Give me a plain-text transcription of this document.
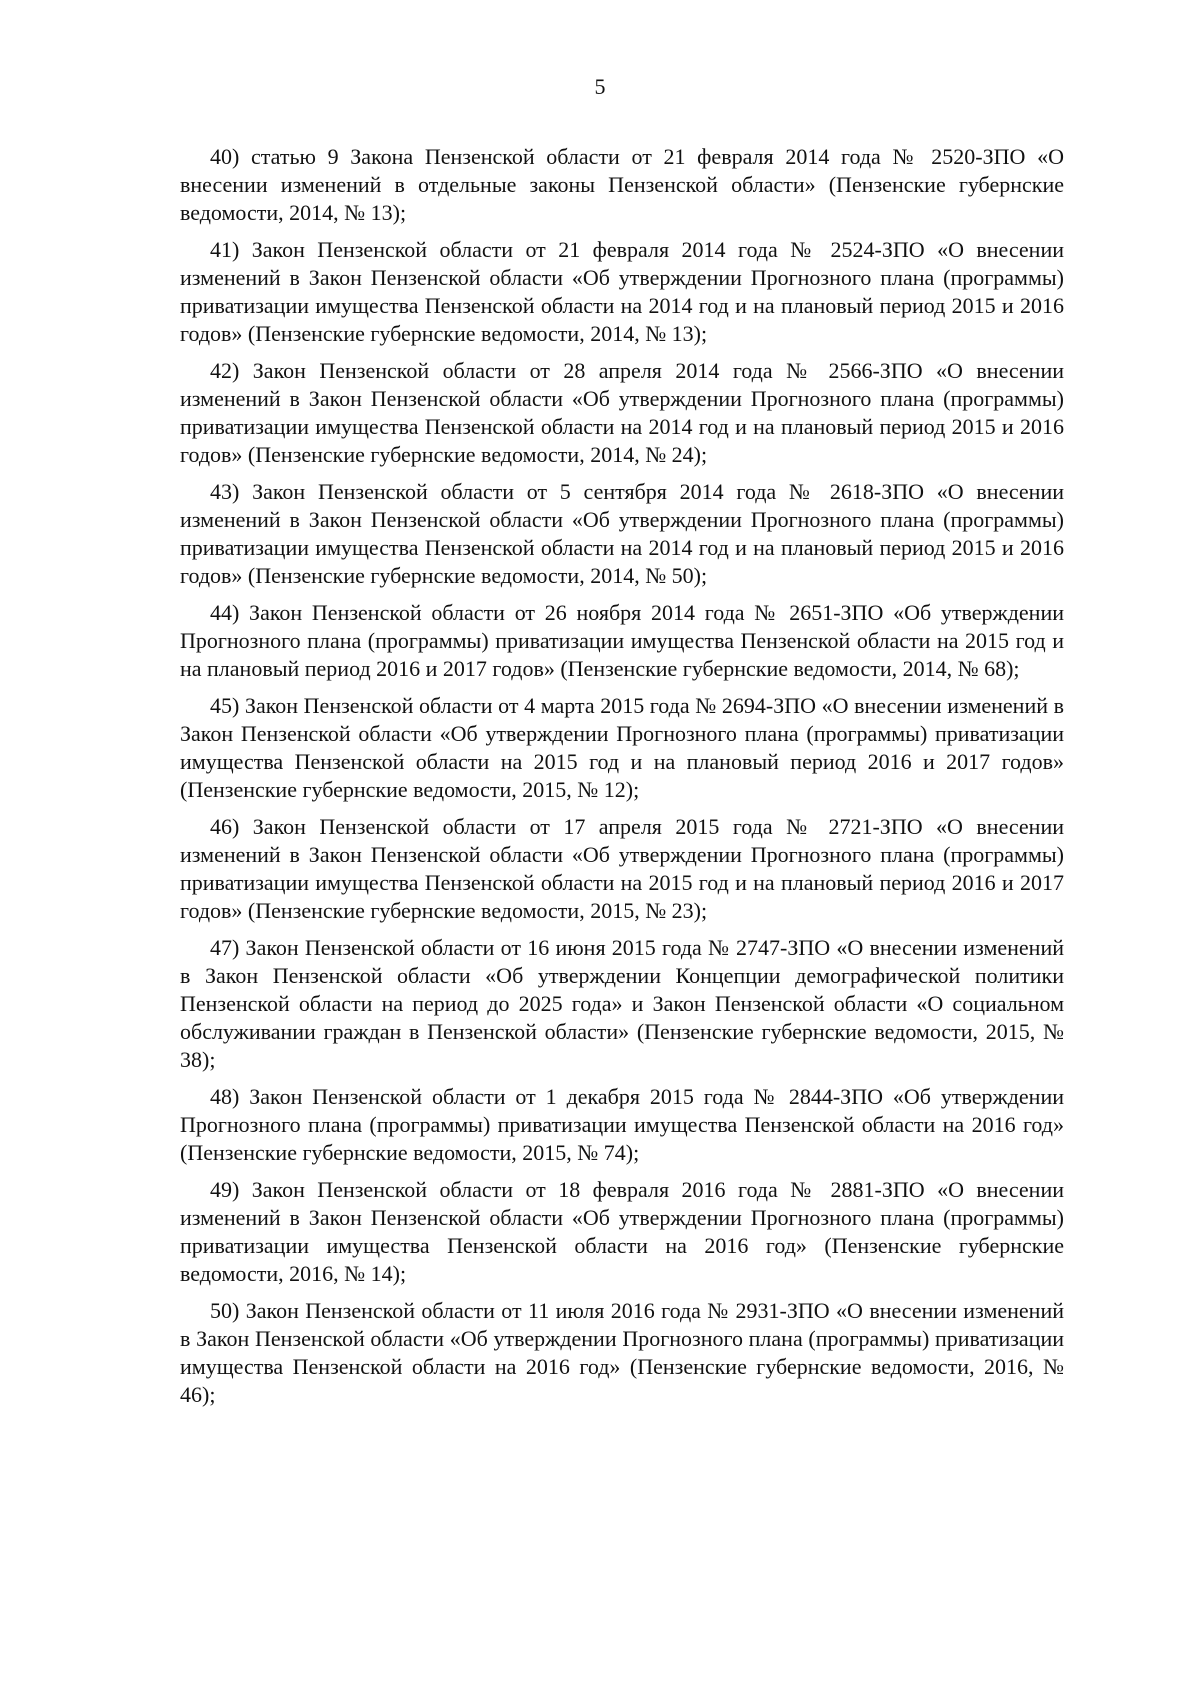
5

40) статью 9 Закона Пензенской области от 21 февраля 2014 года № 2520-ЗПО «О внесении изменений в отдельные законы Пензенской области» (Пензенские губернские ведомости, 2014, № 13);

41) Закон Пензенской области от 21 февраля 2014 года № 2524-ЗПО «О внесении изменений в Закон Пензенской области «Об утверждении Прогнозного плана (программы) приватизации имущества Пензенской области на 2014 год и на плановый период 2015 и 2016 годов» (Пензенские губернские ведомости, 2014, № 13);

42) Закон Пензенской области от 28 апреля 2014 года № 2566-ЗПО «О внесении изменений в Закон Пензенской области «Об утверждении Прогнозного плана (программы) приватизации имущества Пензенской области на 2014 год и на плановый период 2015 и 2016 годов» (Пензенские губернские ведомости, 2014, № 24);

43) Закон Пензенской области от 5 сентября 2014 года № 2618-ЗПО «О внесении изменений в Закон Пензенской области «Об утверждении Прогнозного плана (программы) приватизации имущества Пензенской области на 2014 год и на плановый период 2015 и 2016 годов» (Пензенские губернские ведомости, 2014, № 50);

44) Закон Пензенской области от 26 ноября 2014 года № 2651-ЗПО «Об утверждении Прогнозного плана (программы) приватизации имущества Пензенской области на 2015 год и на плановый период 2016 и 2017 годов» (Пензенские губернские ведомости, 2014, № 68);

45) Закон Пензенской области от 4 марта 2015 года № 2694-ЗПО «О внесении изменений в Закон Пензенской области «Об утверждении Прогнозного плана (программы) приватизации имущества Пензенской области на 2015 год и на плановый период 2016 и 2017 годов» (Пензенские губернские ведомости, 2015, № 12);

46) Закон Пензенской области от 17 апреля 2015 года № 2721-ЗПО «О внесении изменений в Закон Пензенской области «Об утверждении Прогнозного плана (программы) приватизации имущества Пензенской области на 2015 год и на плановый период 2016 и 2017 годов» (Пензенские губернские ведомости, 2015, № 23);

47) Закон Пензенской области от 16 июня 2015 года № 2747-ЗПО «О внесении изменений в Закон Пензенской области «Об утверждении Концепции демографической политики Пензенской области на период до 2025 года» и Закон Пензенской области «О социальном обслуживании граждан в Пензенской области» (Пензенские губернские ведомости, 2015, № 38);

48) Закон Пензенской области от 1 декабря 2015 года № 2844-ЗПО «Об утверждении Прогнозного плана (программы) приватизации имущества Пензенской области на 2016 год» (Пензенские губернские ведомости, 2015, № 74);

49) Закон Пензенской области от 18 февраля 2016 года № 2881-ЗПО «О внесении изменений в Закон Пензенской области «Об утверждении Прогнозного плана (программы) приватизации имущества Пензенской области на 2016 год» (Пензенские губернские ведомости, 2016, № 14);

50) Закон Пензенской области от 11 июля 2016 года № 2931-ЗПО «О внесении изменений в Закон Пензенской области «Об утверждении Прогнозного плана (программы) приватизации имущества Пензенской области на 2016 год» (Пензенские губернские ведомости, 2016, № 46);
